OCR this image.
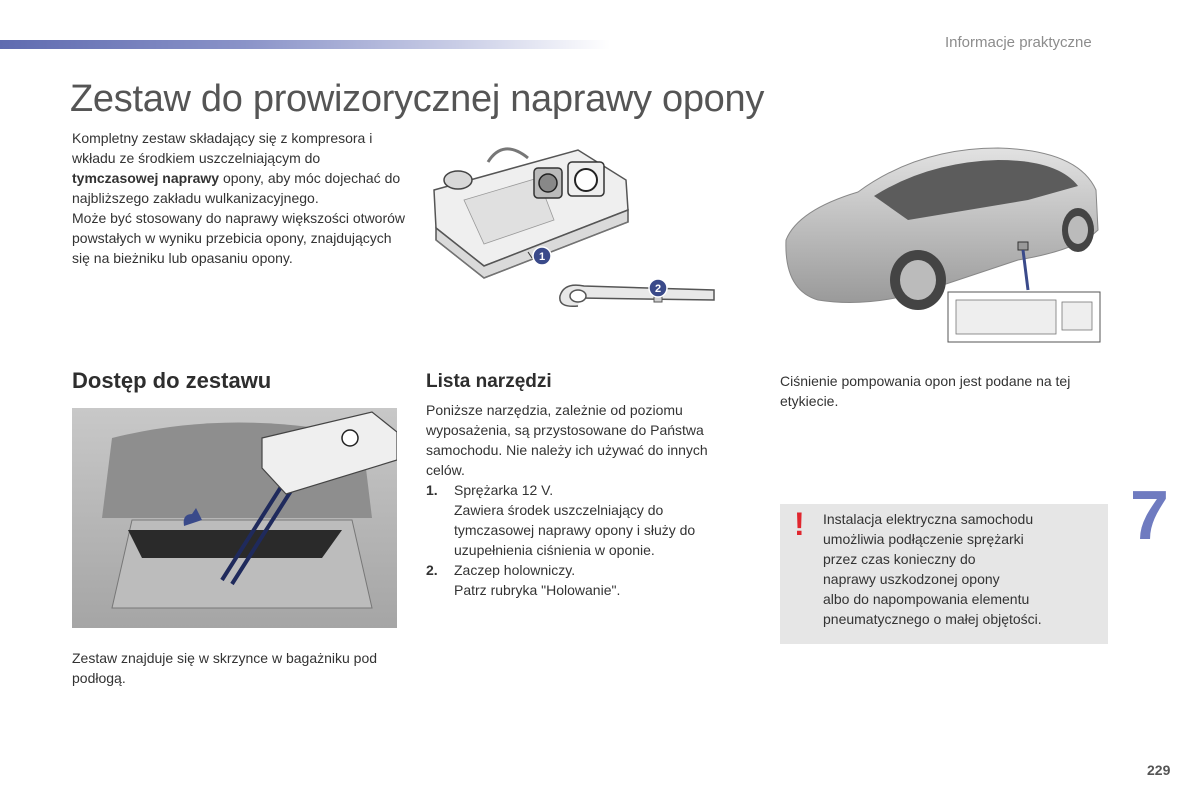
Informacje praktyczne
Zestaw do prowizorycznej naprawy opony

Kompletny zestaw składający się z kompresora i wkładu ze środkiem uszczelniającym do tymczasowej naprawy opony, aby móc dojechać do najbliższego zakładu wulkanizacyjnego.

Może być stosowany do naprawy większości otworów powstałych w wyniku przebicia opony, znajdujących się na bieżniku lub opasaniu opony.	1
2
Dostęp do zestawu
Zestaw znajduje się w skrzynce w bagażniku pod podłogą.
Lista narzędzi

Poniższe narzędzia, zależnie od poziomu wyposażenia, są przystosowane do Państwa samochodu. Nie należy ich używać do innych celów.

1.	Sprężarka 12 V.
Zawiera środek uszczelniający do tymczasowej naprawy opony i służy do uzupełnienia ciśnienia w oponie.
2.	Zaczep holowniczy.
Patrz rubryka "Holowanie".
Ciśnienie pompowania opon jest podane na tej etykiecie.
! Instalacja elektryczna samochodu
umożliwia podłączenie sprężarki
przez czas konieczny do
naprawy uszkodzonej opony
albo do napompowania elementu
pneumatycznego o małej objętości.
7
229
